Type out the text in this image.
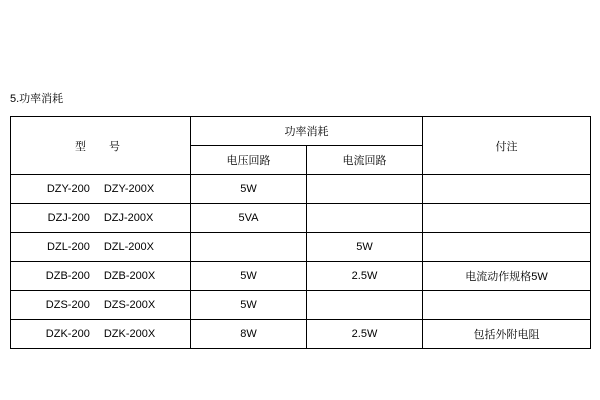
5.功率消耗
型　号	功率消耗		付注
	电压回路	电流回路	

DZY-200 DZY-200X	5W		

DZJ-200 DZJ-200X	5VA		

DZL-200 DZL-200X		5W	

DZB-200 DZB-200X	5W	2.5W	电流动作规格5W

DZS-200 DZS-200X	5W		

DZK-200 DZK-200X	8W	2.5W	包括外附电阻
